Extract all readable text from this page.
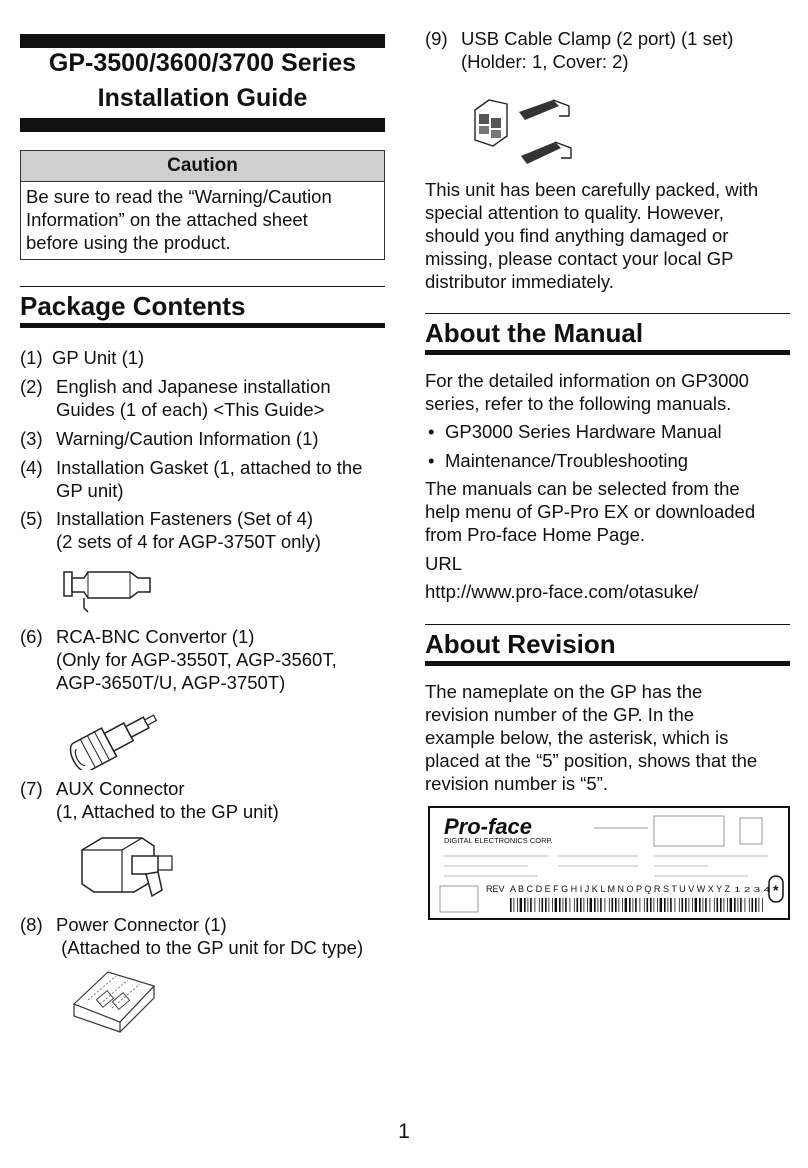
GP-3500/3600/3700 Series
Installation Guide
Caution
Be sure to read the “Warning/Caution
Information” on the attached sheet
before using the product.
Package Contents
(1) GP Unit (1)
(2) English and Japanese installation
Guides (1 of each) <This Guide>
(3) Warning/Caution Information (1)
(4) Installation Gasket (1, attached to the
GP unit)
(5) Installation Fasteners (Set of 4)
(2 sets of 4 for AGP-3750T only)
(6) RCA-BNC Convertor (1)
(Only for AGP-3550T, AGP-3560T,
AGP-3650T/U, AGP-3750T)
(7) AUX Connector
(1, Attached to the GP unit)
(8) Power Connector (1)
(Attached to the GP unit for DC type)
(9) USB Cable Clamp (2 port) (1 set)
(Holder: 1, Cover: 2)
This unit has been carefully packed, with
special attention to quality. However,
should you find anything damaged or
missing, please contact your local GP
distributor immediately.
About the Manual
For the detailed information on GP3000
series, refer to the following manuals.
• GP3000 Series Hardware Manual
• Maintenance/Troubleshooting
The manuals can be selected from the
help menu of GP-Pro EX or downloaded
from Pro-face Home Page.
URL
http://www.pro-face.com/otasuke/
About Revision
The nameplate on the GP has the
revision number of the GP. In the
example below, the asterisk, which is
placed at the “5” position, shows that the
revision number is “5”.
Pro-face
DIGITAL ELECTRONICS CORP.
REV A B C D E F G H I J K L M N O P Q R S T U V W X Y Z 1 2 3 4 *
1
